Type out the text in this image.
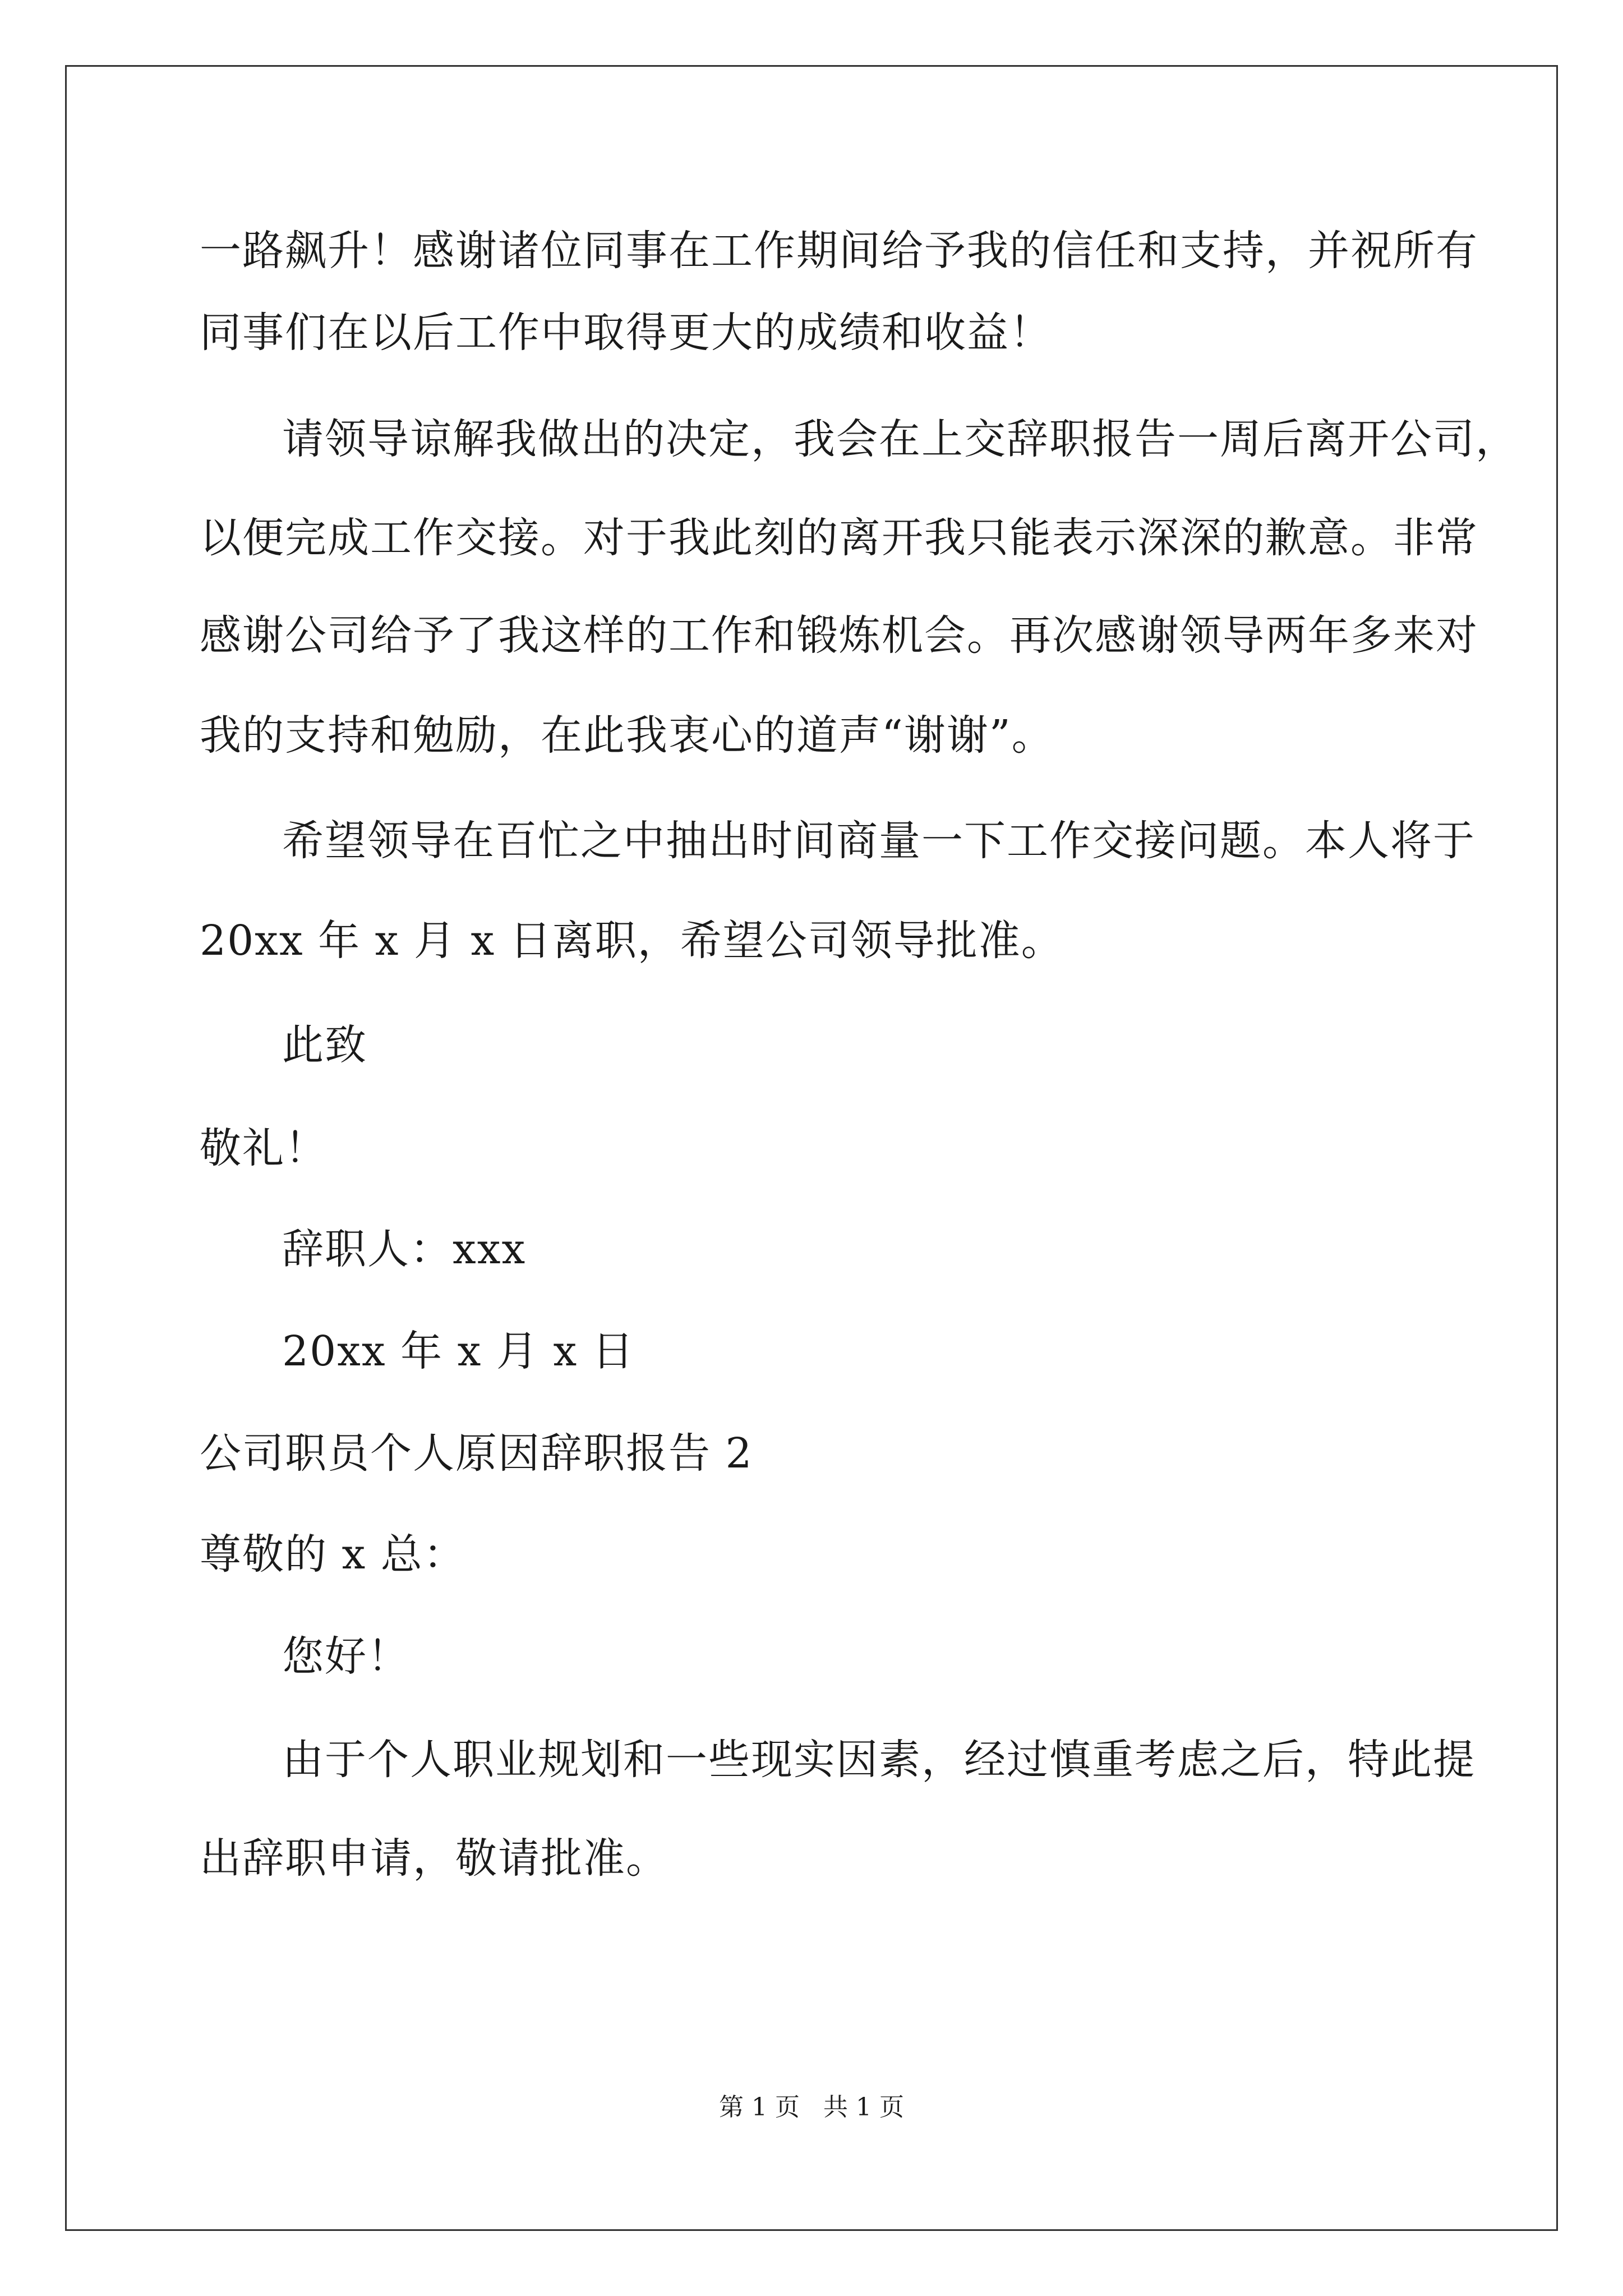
一路飙升！感谢诸位同事在工作期间给予我的信任和支持，并祝所有
同事们在以后工作中取得更大的成绩和收益！
请领导谅解我做出的决定，我会在上交辞职报告一周后离开公司，
以便完成工作交接。对于我此刻的离开我只能表示深深的歉意。非常
感谢公司给予了我这样的工作和锻炼机会。再次感谢领导两年多来对
我的支持和勉励，在此我衷心的道声“谢谢”。
希望领导在百忙之中抽出时间商量一下工作交接问题。本人将于
20xx 年 x 月 x 日离职，希望公司领导批准。
此致
敬礼！
辞职人：xxx
20xx 年 x 月 x 日
公司职员个人原因辞职报告 2
尊敬的 x 总：
您好！
由于个人职业规划和一些现实因素，经过慎重考虑之后，特此提
出辞职申请，敬请批准。
第 1 页   共 1 页
